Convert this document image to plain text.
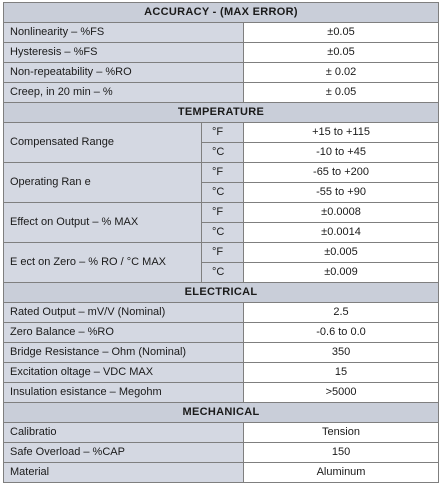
ACCURACY - (MAX ERROR)		
Nonlinearity – %FS		±0.05
Hysteresis – %FS		±0.05
Non-repeatability – %RO		± 0.02
Creep, in 20 min – %		± 0.05
TEMPERATURE		
Compensated Range	°F	+15 to +115
	°C	-10 to +45
Operating Ran e	°F	-65 to +200
	°C	-55 to +90
Effect on Output – % MAX	°F	±0.0008
	°C	±0.0014
E ect on Zero – % RO / °C MAX	°F	±0.005
	°C	±0.009
ELECTRICAL		
Rated Output – mV/V (Nominal)		2.5
Zero Balance – %RO		-0.6 to 0.0
Bridge Resistance – Ohm (Nominal)		350
Excitation oltage – VDC MAX		15
Insulation esistance – Megohm		>5000
MECHANICAL		
Calibratio		Tension
Safe Overload – %CAP		150
Material		Aluminum
